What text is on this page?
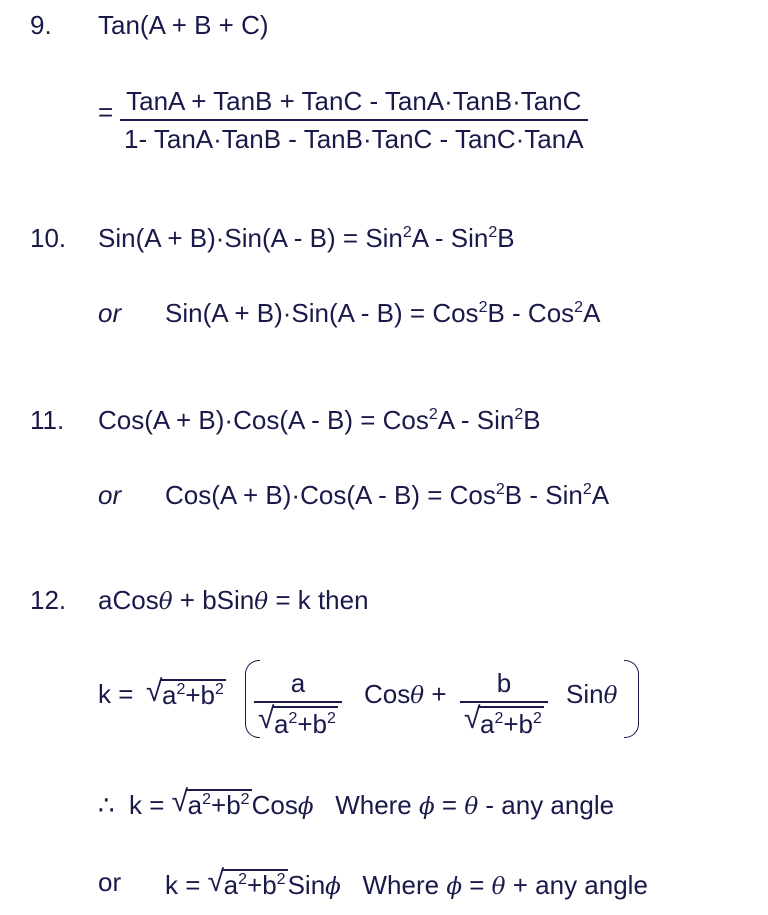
9. Tan(A + B + C)
= TanA + TanB + TanC - TanA·TanB·TanC
1- TanA·TanB - TanB·TanC - TanC·TanA
10. Sin(A + B)·Sin(A - B) = Sin$^2$A - Sin$^2$B
or Sin(A + B)·Sin(A - B) = Cos$^2$B - Cos$^2$A
11. Cos(A + B)·Cos(A - B) = Cos$^2$A - Sin$^2$B
or Cos(A + B)·Cos(A - B) = Cos$^2$B - Sin$^2$A
12. aCosθ + bSinθ = k then
k = √ $a^2+b^2 \frac{a}{√ a^2+b^2}$ $Cos\theta + \frac{b}{√ a^2+b^2}$ Sinθ
∴ k = √ $a^2+b^2Cos\phi$ Where ϕ = θ - any angle
or k = √ $a^2+b^2Sin\phi$ Where ϕ = θ + any angle
